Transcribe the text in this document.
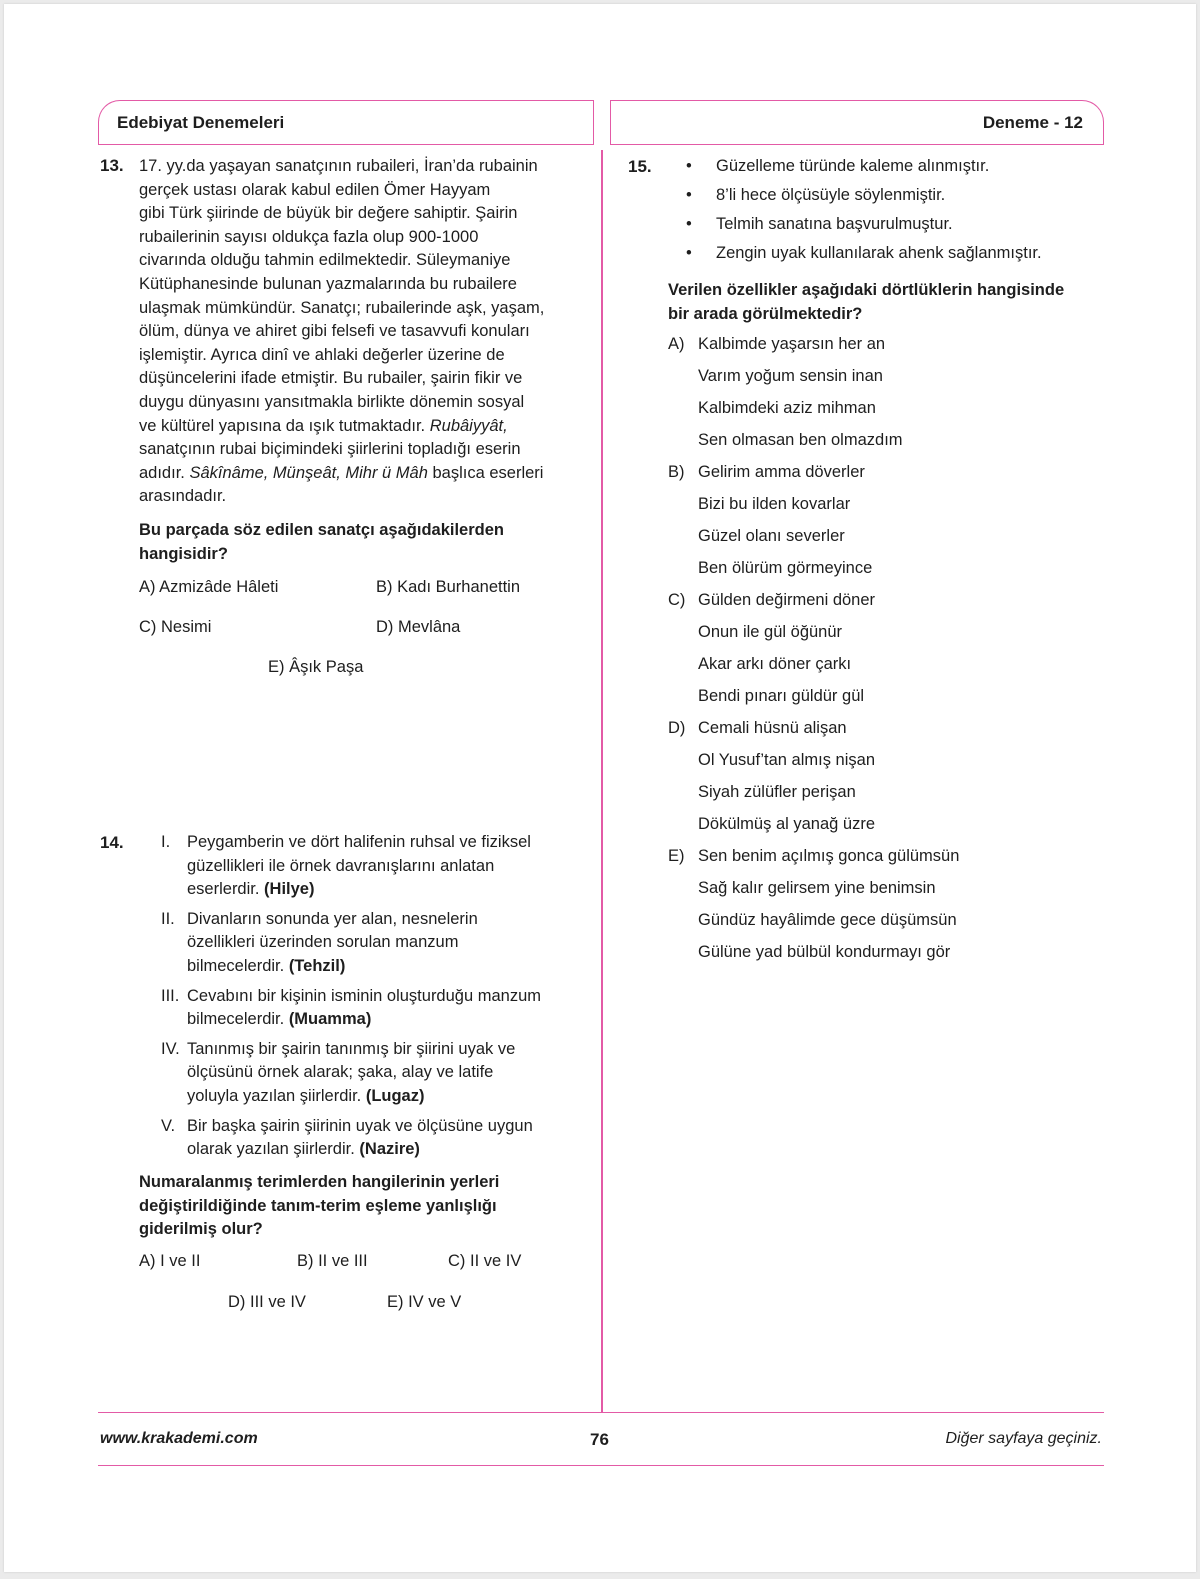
Edebiyat Denemeleri	Deneme - 12
13. 17. yy.da yaşayan sanatçının rubaileri, İran’da rubainin
gerçek ustası olarak kabul edilen Ömer Hayyam
gibi Türk şiirinde de büyük bir değere sahiptir. Şairin
rubailerinin sayısı oldukça fazla olup 900-1000
civarında olduğu tahmin edilmektedir. Süleymaniye
Kütüphanesinde bulunan yazmalarında bu rubailere
ulaşmak mümkündür. Sanatçı; rubailerinde aşk, yaşam,
ölüm, dünya ve ahiret gibi felsefi ve tasavvufi konuları
işlemiştir. Ayrıca dinî ve ahlaki değerler üzerine de
düşüncelerini ifade etmiştir. Bu rubailer, şairin fikir ve
duygu dünyasını yansıtmakla birlikte dönemin sosyal
ve kültürel yapısına da ışık tutmaktadır. Rubâiyyât,
sanatçının rubai biçimindeki şiirlerini topladığı eserin
adıdır. Sâkînâme, Münşeât, Mihr ü Mâh başlıca eserleri
arasındadır.
Bu parçada söz edilen sanatçı aşağıdakilerden
hangisidir?
A) Azmizâde Hâleti	B) Kadı Burhanettin
C) Nesimi	D) Mevlâna
E) Âşık Paşa
14. I. Peygamberin ve dört halifenin ruhsal ve fiziksel
güzellikleri ile örnek davranışlarını anlatan
eserlerdir. (Hilye)
II. Divanların sonunda yer alan, nesnelerin
özellikleri üzerinden sorulan manzum
bilmecelerdir. (Tehzil)
III. Cevabını bir kişinin isminin oluşturduğu manzum
bilmecelerdir. (Muamma)
IV. Tanınmış bir şairin tanınmış bir şiirini uyak ve
ölçüsünü örnek alarak; şaka, alay ve latife
yoluyla yazılan şiirlerdir. (Lugaz)
V. Bir başka şairin şiirinin uyak ve ölçüsüne uygun
olarak yazılan şiirlerdir. (Nazire)
Numaralanmış terimlerden hangilerinin yerleri
değiştirildiğinde tanım-terim eşleme yanlışlığı
giderilmiş olur?
A) I ve II	B) II ve III	C) II ve IV
D) III ve IV	E) IV ve V
15. • Güzelleme türünde kaleme alınmıştır.
• 8’li hece ölçüsüyle söylenmiştir.
• Telmih sanatına başvurulmuştur.
• Zengin uyak kullanılarak ahenk sağlanmıştır.
Verilen özellikler aşağıdaki dörtlüklerin hangisinde
bir arada görülmektedir?
A) Kalbimde yaşarsın her an
Varım yoğum sensin inan
Kalbimdeki aziz mihman
Sen olmasan ben olmazdım
B) Gelirim amma döverler
Bizi bu ilden kovarlar
Güzel olanı severler
Ben ölürüm görmeyince
C) Gülden değirmeni döner
Onun ile gül öğünür
Akar arkı döner çarkı
Bendi pınarı güldür gül
D) Cemali hüsnü alişan
Ol Yusuf’tan almış nişan
Siyah zülüfler perişan
Dökülmüş al yanağ üzre
E) Sen benim açılmış gonca gülümsün
Sağ kalır gelirsem yine benimsin
Gündüz hayâlimde gece düşümsün
Gülüne yad bülbül kondurmayı gör
www.krakademi.com	76	Diğer sayfaya geçiniz.
